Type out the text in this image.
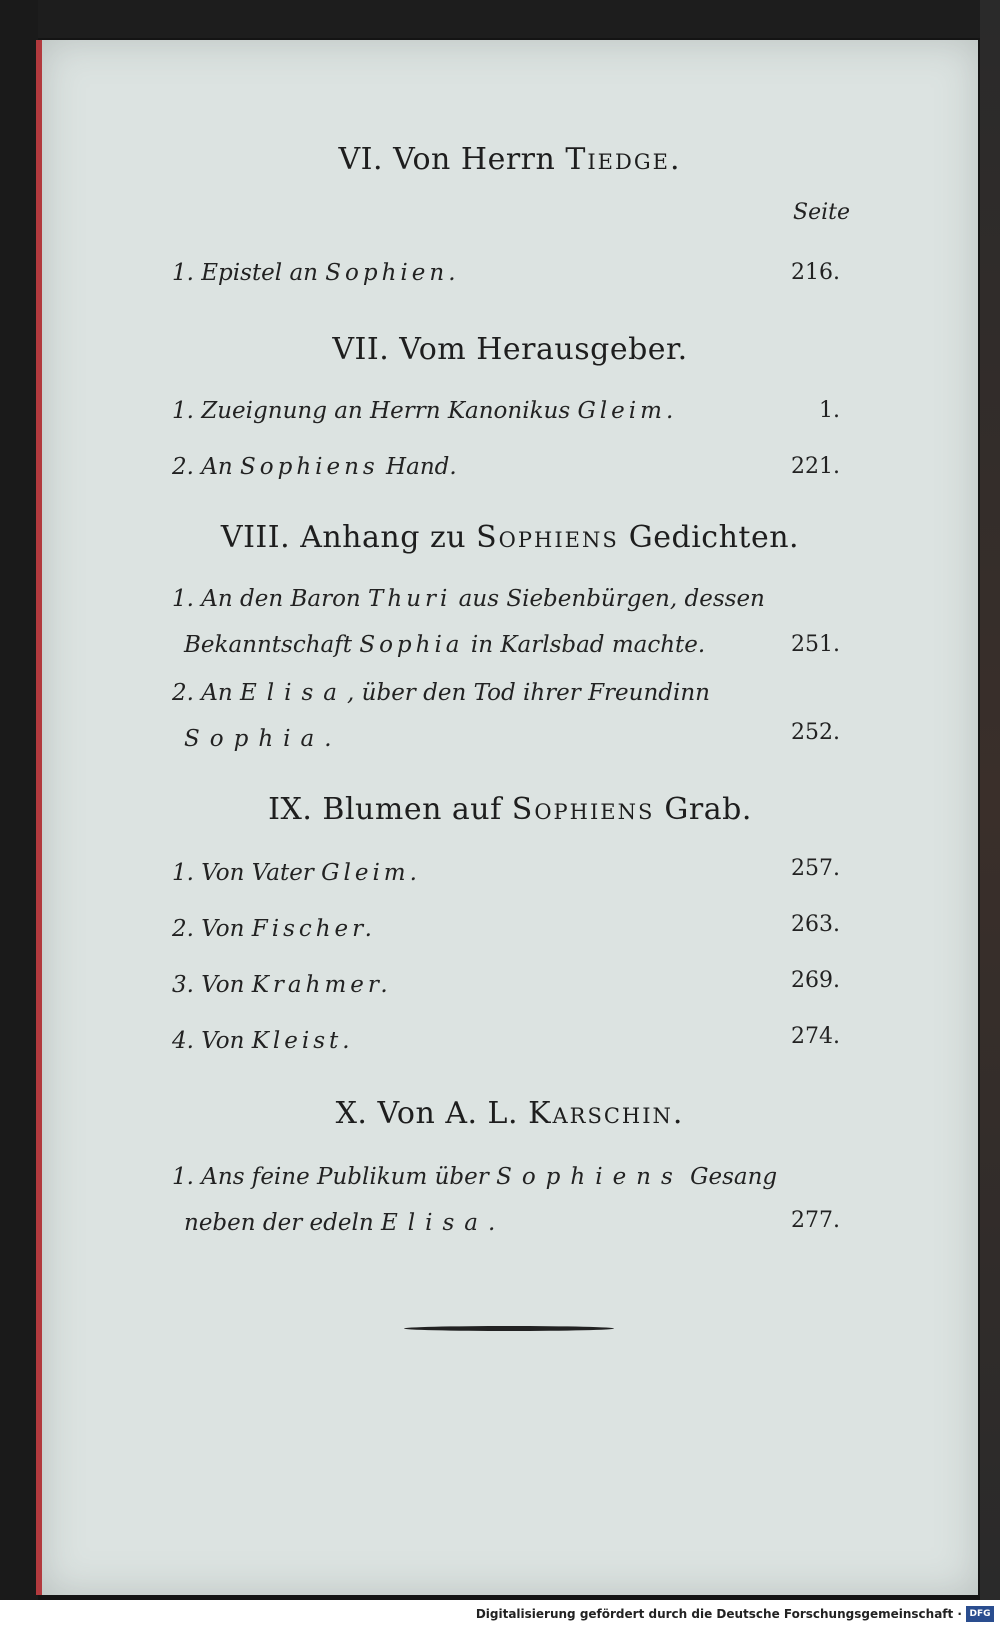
VI. Von Herrn Tiedge.
Seite
1. Epistel an Sophien.	216.
VII. Vom Herausgeber.
1. Zueignung an Herrn Kanonikus Gleim.	1.
2. An Sophiens Hand.	221.
VIII. Anhang zu Sophiens Gedichten.
1. An den Baron Thuri aus Siebenbürgen, dessen
Bekanntschaft Sophia in Karlsbad machte.	251.
2. An Elisa, über den Tod ihrer Freundinn
Sophia.	252.
IX. Blumen auf Sophiens Grab.
1. Von Vater Gleim.	257.
2. Von Fischer.	263.
3. Von Krahmer.	269.
4. Von Kleist.	274.
X. Von A. L. Karschin.
1. Ans feine Publikum über Sophiens Gesang
neben der edeln Elisa.	277.
Digitalisierung gefördert durch die Deutsche Forschungsgemeinschaft · DFG
